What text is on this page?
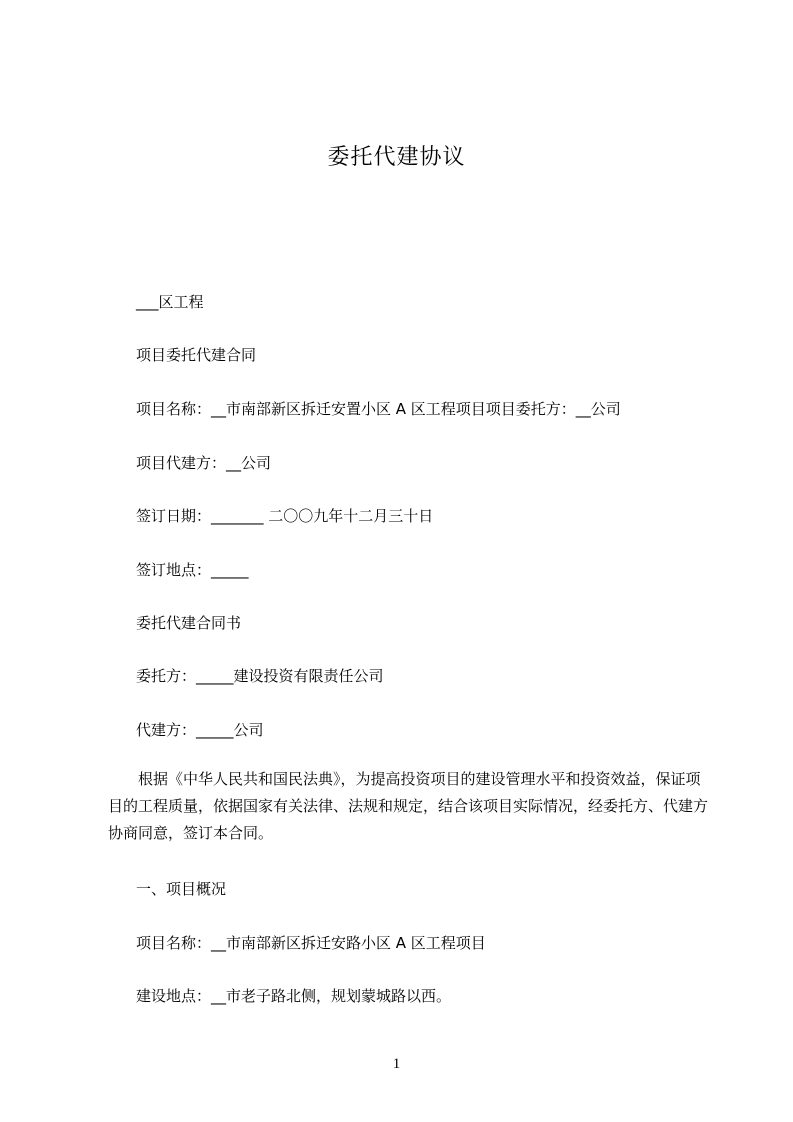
委托代建协议
___区工程
项目委托代建合同
项目名称：__市南部新区拆迁安置小区 A 区工程项目项目委托方：__公司
项目代建方：__公司
签订日期：_______ 二〇〇九年十二月三十日
签订地点：_____
委托代建合同书
委托方：_____建设投资有限责任公司
代建方：_____公司
根据《中华人民共和国民法典》，为提高投资项目的建设管理水平和投资效益，保证项目的工程质量，依据国家有关法律、法规和规定，结合该项目实际情况，经委托方、代建方协商同意，签订本合同。
一、项目概况
项目名称：__市南部新区拆迁安路小区 A 区工程项目
建设地点：__市老子路北侧，规划蒙城路以西。
1
